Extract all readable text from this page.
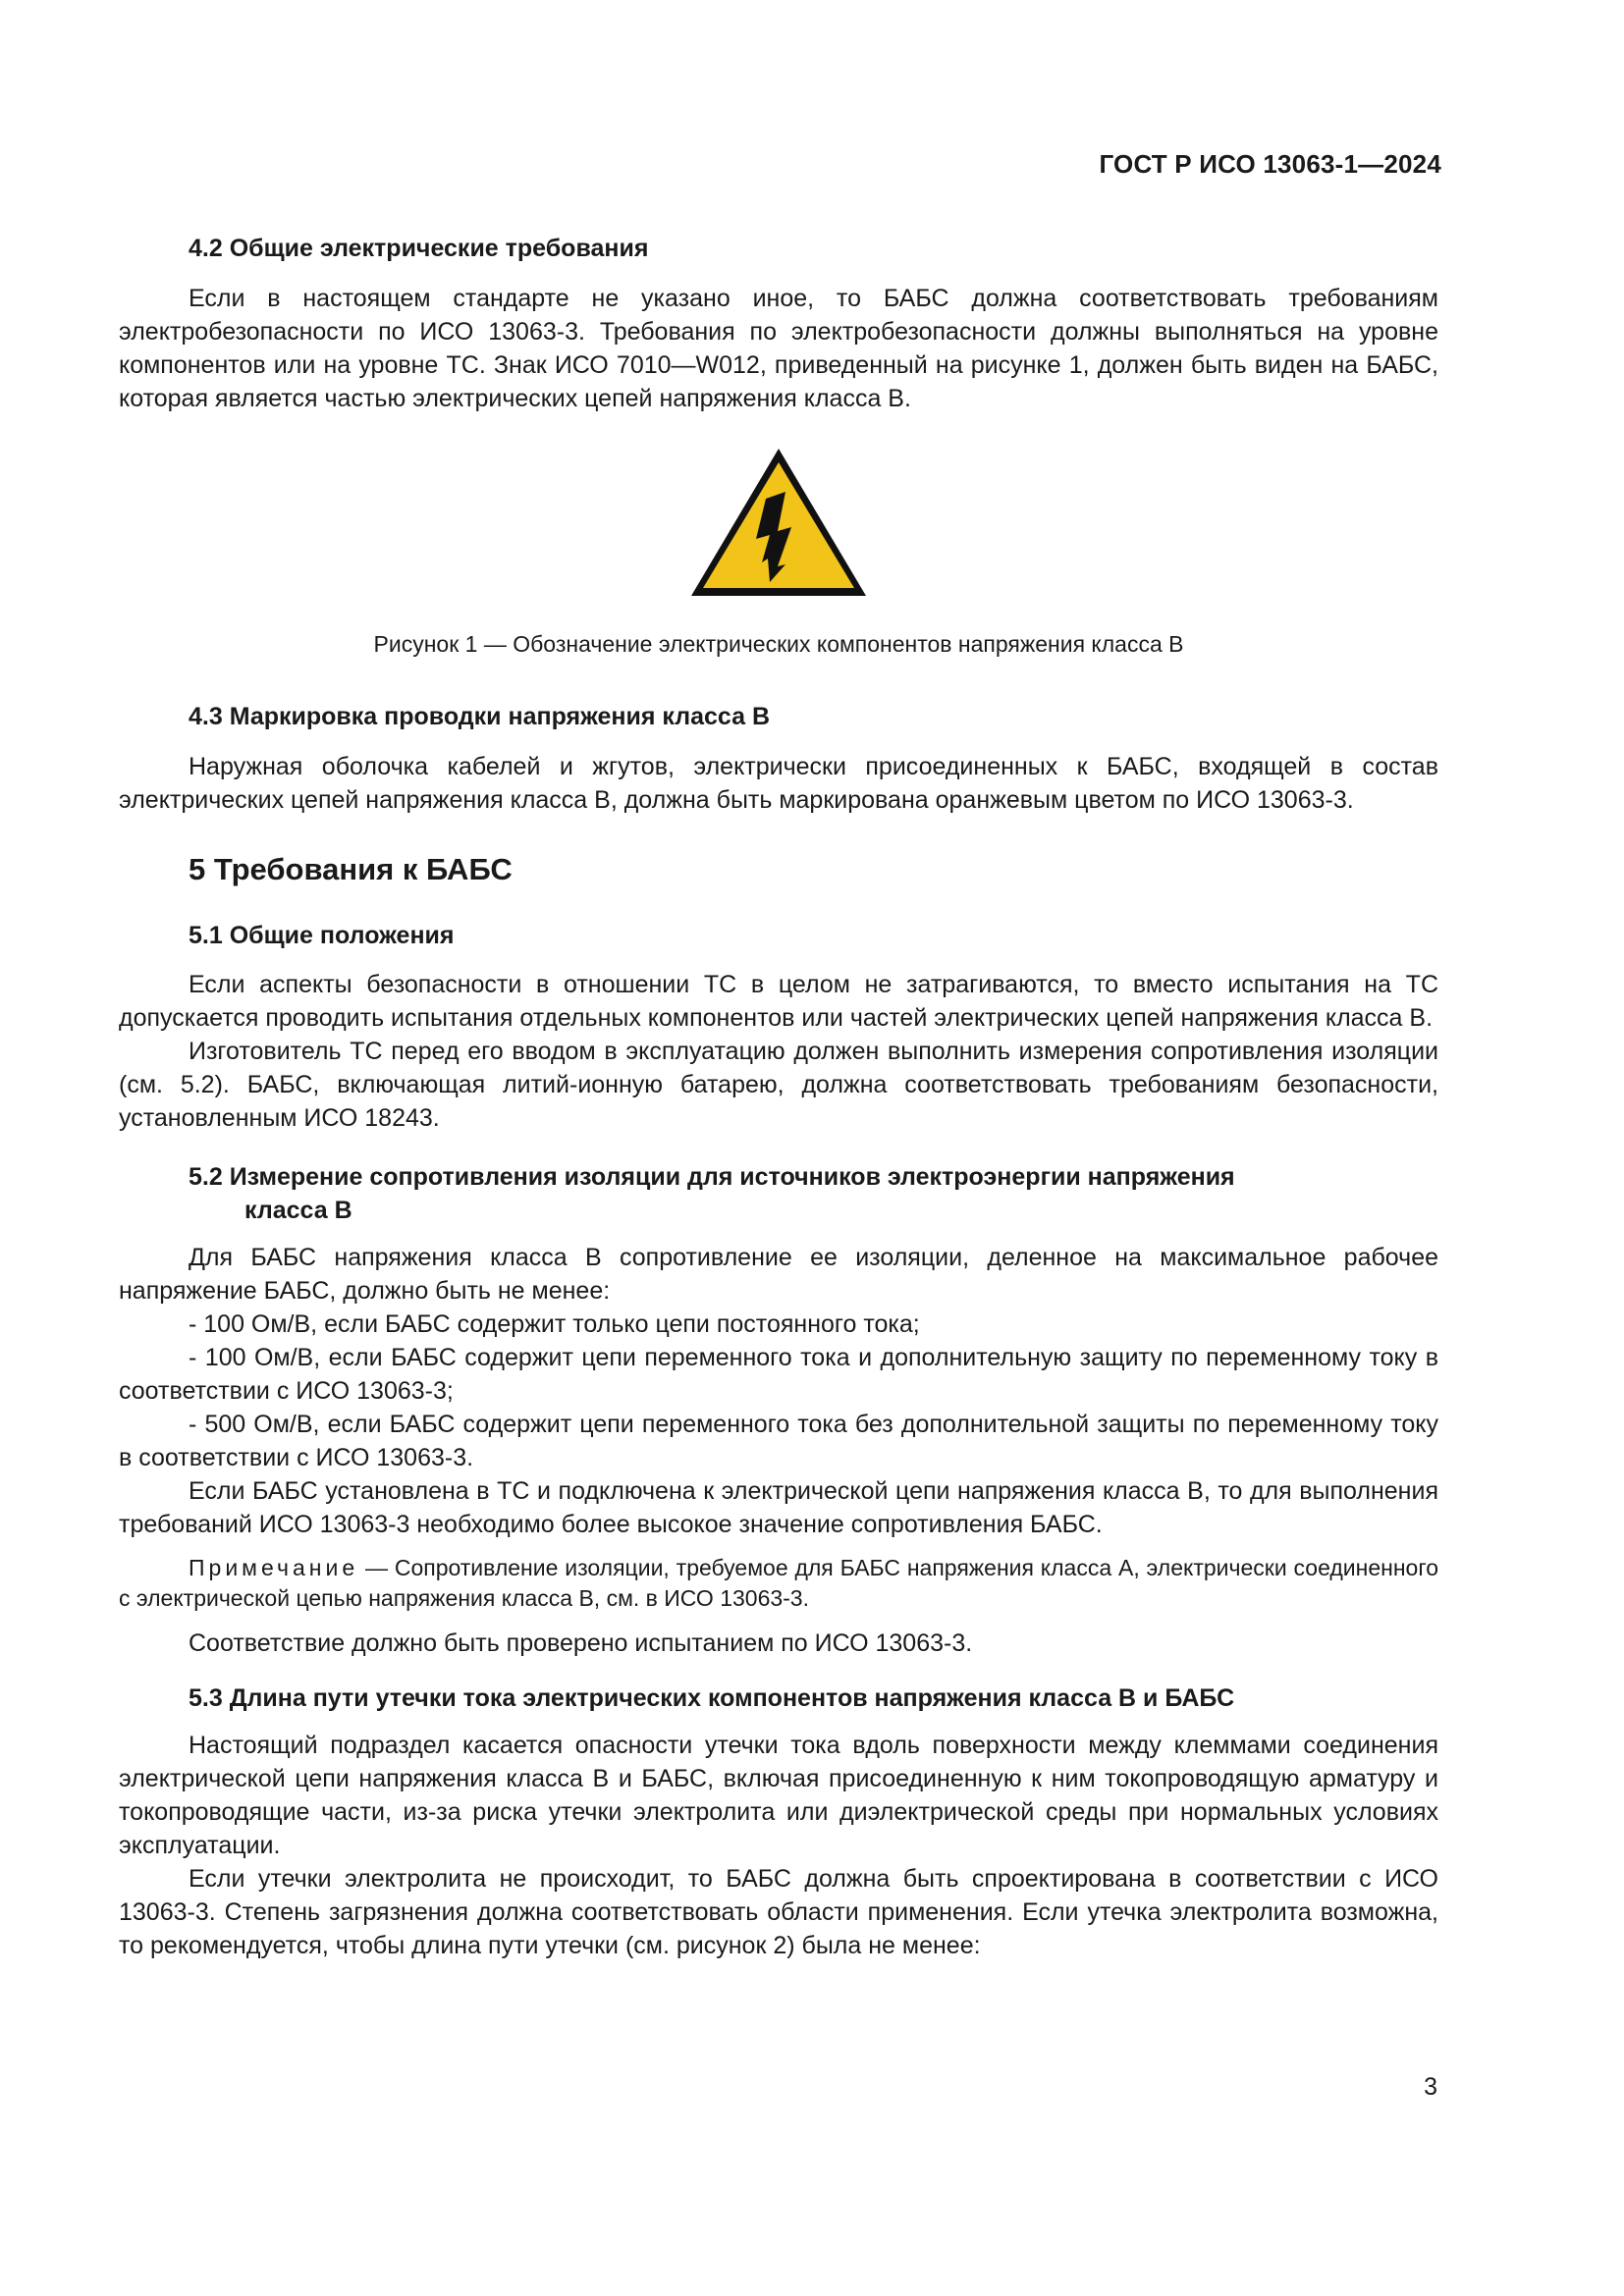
ГОСТ Р ИСО 13063-1—2024
4.2 Общие электрические требования

Если в настоящем стандарте не указано иное, то БАБС должна соответствовать требованиям электробезопасности по ИСО 13063-3. Требования по электробезопасности должны выполняться на уровне компонентов или на уровне ТС. Знак ИСО 7010—W012, приведенный на рисунке 1, должен быть виден на БАБС, которая является частью электрических цепей напряжения класса B.

Рисунок 1 — Обозначение электрических компонентов напряжения класса B
4.3 Маркировка проводки напряжения класса B

Наружная оболочка кабелей и жгутов, электрически присоединенных к БАБС, входящей в состав электрических цепей напряжения класса B, должна быть маркирована оранжевым цветом по ИСО 13063-3.

5 Требования к БАБС
5.1 Общие положения

Если аспекты безопасности в отношении ТС в целом не затрагиваются, то вместо испытания на ТС допускается проводить испытания отдельных компонентов или частей электрических цепей напряжения класса B.

Изготовитель ТС перед его вводом в эксплуатацию должен выполнить измерения сопротивления изоляции (см. 5.2). БАБС, включающая литий-ионную батарею, должна соответствовать требованиям безопасности, установленным ИСО 18243.

5.2 Измерение сопротивления изоляции для источников электроэнергии напряжения
класса B

Для БАБС напряжения класса B сопротивление ее изоляции, деленное на максимальное рабочее напряжение БАБС, должно быть не менее:

- 100 Ом/В, если БАБС содержит только цепи постоянного тока;

- 100 Ом/В, если БАБС содержит цепи переменного тока и дополнительную защиту по переменному току в соответствии с ИСО 13063-3;

- 500 Ом/В, если БАБС содержит цепи переменного тока без дополнительной защиты по переменному току в соответствии с ИСО 13063-3.

Если БАБС установлена в ТС и подключена к электрической цепи напряжения класса B, то для выполнения требований ИСО 13063-3 необходимо более высокое значение сопротивления БАБС.

Примечание — Сопротивление изоляции, требуемое для БАБС напряжения класса A, электрически соединенного с электрической цепью напряжения класса B, см. в ИСО 13063-3.

Соответствие должно быть проверено испытанием по ИСО 13063-3.

5.3 Длина пути утечки тока электрических компонентов напряжения класса B и БАБС

Настоящий подраздел касается опасности утечки тока вдоль поверхности между клеммами соединения электрической цепи напряжения класса B и БАБС, включая присоединенную к ним токопроводящую арматуру и токопроводящие части, из-за риска утечки электролита или диэлектрической среды при нормальных условиях эксплуатации.

Если утечки электролита не происходит, то БАБС должна быть спроектирована в соответствии с ИСО 13063-3. Степень загрязнения должна соответствовать области применения. Если утечка электролита возможна, то рекомендуется, чтобы длина пути утечки (см. рисунок 2) была не менее:

3
